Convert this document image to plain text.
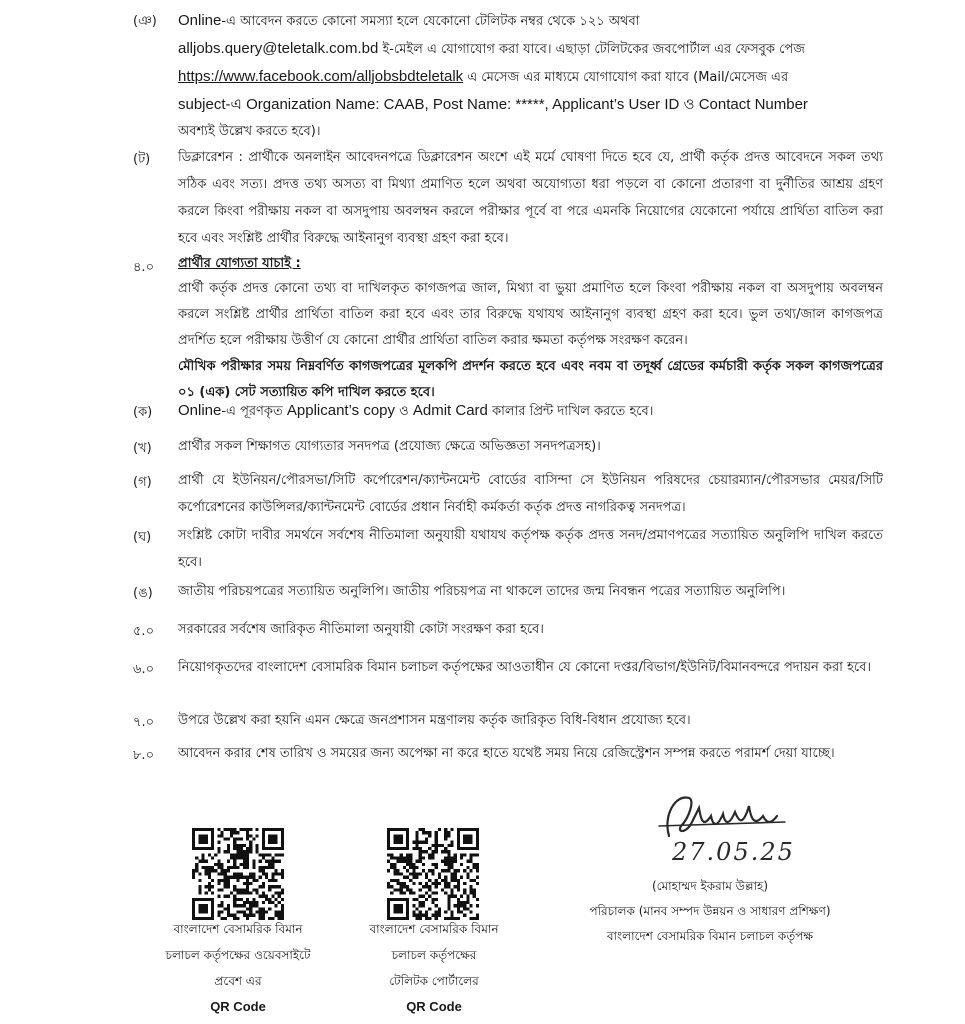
(ঞ) Online-এ আবেদন করতে কোনো সমস্যা হলে যেকোনো টেলিটক নম্বর থেকে ১২১ অথবা

alljobs.query@teletalk.com.bd ই-মেইল এ যোগাযোগ করা যাবে। এছাড়া টেলিটকের জবপোর্টাল এর ফেসবুক পেজ

https://www.facebook.com/alljobsbdteletalk এ মেসেজ এর মাধ্যমে যোগাযোগ করা যাবে (Mail/মেসেজ এর

subject-এ Organization Name: CAAB, Post Name: *****, Applicant’s User ID ও Contact Number

অবশ্যই উল্লেখ করতে হবে)।

(ট) ডিক্লারেশন : প্রার্থীকে অনলাইন আবেদনপত্রে ডিক্লারেশন অংশে এই মর্মে ঘোষণা দিতে হবে যে, প্রার্থী কর্তৃক প্রদত্ত আবেদনে সকল তথ্য সঠিক এবং সত্য। প্রদত্ত তথ্য অসত্য বা মিথ্যা প্রমাণিত হলে অথবা অযোগ্যতা ধরা পড়লে বা কোনো প্রতারণা বা দুর্নীতির আশ্রয় গ্রহণ করলে কিংবা পরীক্ষায় নকল বা অসদুপায় অবলম্বন করলে পরীক্ষার পূর্বে বা পরে এমনকি নিয়োগের যেকোনো পর্যায়ে প্রার্থিতা বাতিল করা হবে এবং সংশ্লিষ্ট প্রার্থীর বিরুদ্ধে আইনানুগ ব্যবস্থা গ্রহণ করা হবে।

৪.০ প্রার্থীর যোগ্যতা যাচাই :

প্রার্থী কর্তৃক প্রদত্ত কোনো তথ্য বা দাখিলকৃত কাগজপত্র জাল, মিথ্যা বা ভুয়া প্রমাণিত হলে কিংবা পরীক্ষায় নকল বা অসদুপায় অবলম্বন করলে সংশ্লিষ্ট প্রার্থীর প্রার্থিতা বাতিল করা হবে এবং তার বিরুদ্ধে যথাযথ আইনানুগ ব্যবস্থা গ্রহণ করা হবে। ভুল তথ্য/জাল কাগজপত্র প্রদর্শিত হলে পরীক্ষায় উত্তীর্ণ যে কোনো প্রার্থীর প্রার্থিতা বাতিল করার ক্ষমতা কর্তৃপক্ষ সংরক্ষণ করেন।

মৌখিক পরীক্ষার সময় নিম্নবর্ণিত কাগজপত্রের মূলকপি প্রদর্শন করতে হবে এবং নবম বা তদূর্ধ্ব গ্রেডের কর্মচারী কর্তৃক সকল কাগজপত্রের ০১ (এক) সেট সত্যায়িত কপি দাখিল করতে হবে।

(ক) Online-এ পূরণকৃত Applicant’s copy ও Admit Card কালার প্রিন্ট দাখিল করতে হবে।

(খ) প্রার্থীর সকল শিক্ষাগত যোগ্যতার সনদপত্র (প্রযোজ্য ক্ষেত্রে অভিজ্ঞতা সনদপত্রসহ)।

(গ) প্রার্থী যে ইউনিয়ন/পৌরসভা/সিটি কর্পোরেশন/ক্যান্টনমেন্ট বোর্ডের বাসিন্দা সে ইউনিয়ন পরিষদের চেয়ারম্যান/পৌরসভার মেয়র/সিটি কর্পোরেশনের কাউন্সিলর/ক্যান্টনমেন্ট বোর্ডের প্রধান নির্বাহী কর্মকর্তা কর্তৃক প্রদত্ত নাগরিকত্ব সনদপত্র।

(ঘ) সংশ্লিষ্ট কোটা দাবীর সমর্থনে সর্বশেষ নীতিমালা অনুযায়ী যথাযথ কর্তৃপক্ষ কর্তৃক প্রদত্ত সনদ/প্রমাণপত্রের সত্যায়িত অনুলিপি দাখিল করতে হবে।

(ঙ) জাতীয় পরিচয়পত্রের সত্যায়িত অনুলিপি। জাতীয় পরিচয়পত্র না থাকলে তাদের জন্ম নিবন্ধন পত্রের সত্যায়িত অনুলিপি।

৫.০ সরকারের সর্বশেষ জারিকৃত নীতিমালা অনুযায়ী কোটা সংরক্ষণ করা হবে।

৬.০ নিয়োগকৃতদের বাংলাদেশ বেসামরিক বিমান চলাচল কর্তৃপক্ষের আওতাধীন যে কোনো দপ্তর/বিভাগ/ইউনিট/বিমানবন্দরে পদায়ন করা হবে।

৭.০ উপরে উল্লেখ করা হয়নি এমন ক্ষেত্রে জনপ্রশাসন মন্ত্রণালয় কর্তৃক জারিকৃত বিধি-বিধান প্রযোজ্য হবে।

৮.০ আবেদন করার শেষ তারিখ ও সময়ের জন্য অপেক্ষা না করে হাতে যথেষ্ট সময় নিয়ে রেজিস্ট্রেশন সম্পন্ন করতে পরামর্শ দেয়া যাচ্ছে।

বাংলাদেশ বেসামরিক বিমান
চলাচল কর্তৃপক্ষের ওয়েবসাইটে
প্রবেশ এর
QR Code
বাংলাদেশ বেসামরিক বিমান
চলাচল কর্তৃপক্ষের
টেলিটক পোর্টালের
QR Code
27.05.25
(মোহাম্মদ ইকরাম উল্লাহ)
পরিচালক (মানব সম্পদ উন্নয়ন ও সাধারণ প্রশিক্ষণ)
বাংলাদেশ বেসামরিক বিমান চলাচল কর্তৃপক্ষ
